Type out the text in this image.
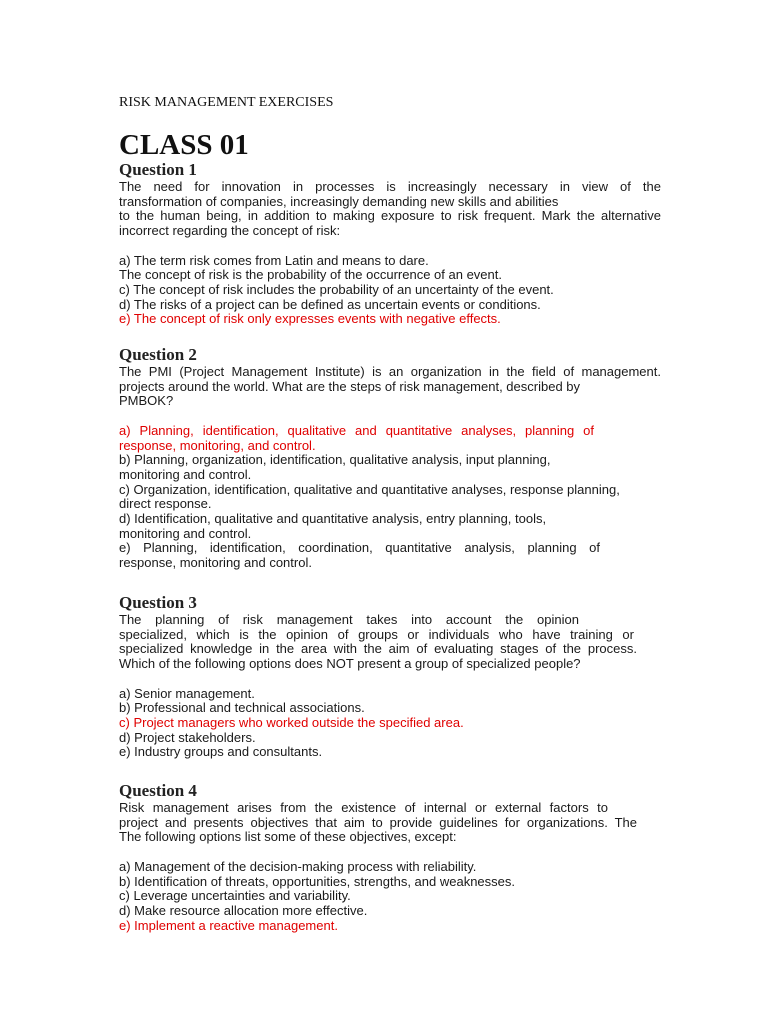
RISK MANAGEMENT EXERCISES
CLASS 01
Question 1

The need for innovation in processes is increasingly necessary in view of the

transformation of companies, increasingly demanding new skills and abilities

to the human being, in addition to making exposure to risk frequent. Mark the alternative

incorrect regarding the concept of risk:

a) The term risk comes from Latin and means to dare.

The concept of risk is the probability of the occurrence of an event.

c) The concept of risk includes the probability of an uncertainty of the event.

d) The risks of a project can be defined as uncertain events or conditions.

e) The concept of risk only expresses events with negative effects.

Question 2

The PMI (Project Management Institute) is an organization in the field of management.

projects around the world. What are the steps of risk management, described by

PMBOK?

a) Planning, identification, qualitative and quantitative analyses, planning of

response, monitoring, and control.

b) Planning, organization, identification, qualitative analysis, input planning,

monitoring and control.

c) Organization, identification, qualitative and quantitative analyses, response planning,

direct response.

d) Identification, qualitative and quantitative analysis, entry planning, tools,

monitoring and control.

e) Planning, identification, coordination, quantitative analysis, planning of

response, monitoring and control.

Question 3

The planning of risk management takes into account the opinion

specialized, which is the opinion of groups or individuals who have training or

specialized knowledge in the area with the aim of evaluating stages of the process.

Which of the following options does NOT present a group of specialized people?

a) Senior management.

b) Professional and technical associations.

c) Project managers who worked outside the specified area.

d) Project stakeholders.

e) Industry groups and consultants.

Question 4

Risk management arises from the existence of internal or external factors to

project and presents objectives that aim to provide guidelines for organizations. The

The following options list some of these objectives, except:

a) Management of the decision-making process with reliability.

b) Identification of threats, opportunities, strengths, and weaknesses.

c) Leverage uncertainties and variability.

d) Make resource allocation more effective.

e) Implement a reactive management.
